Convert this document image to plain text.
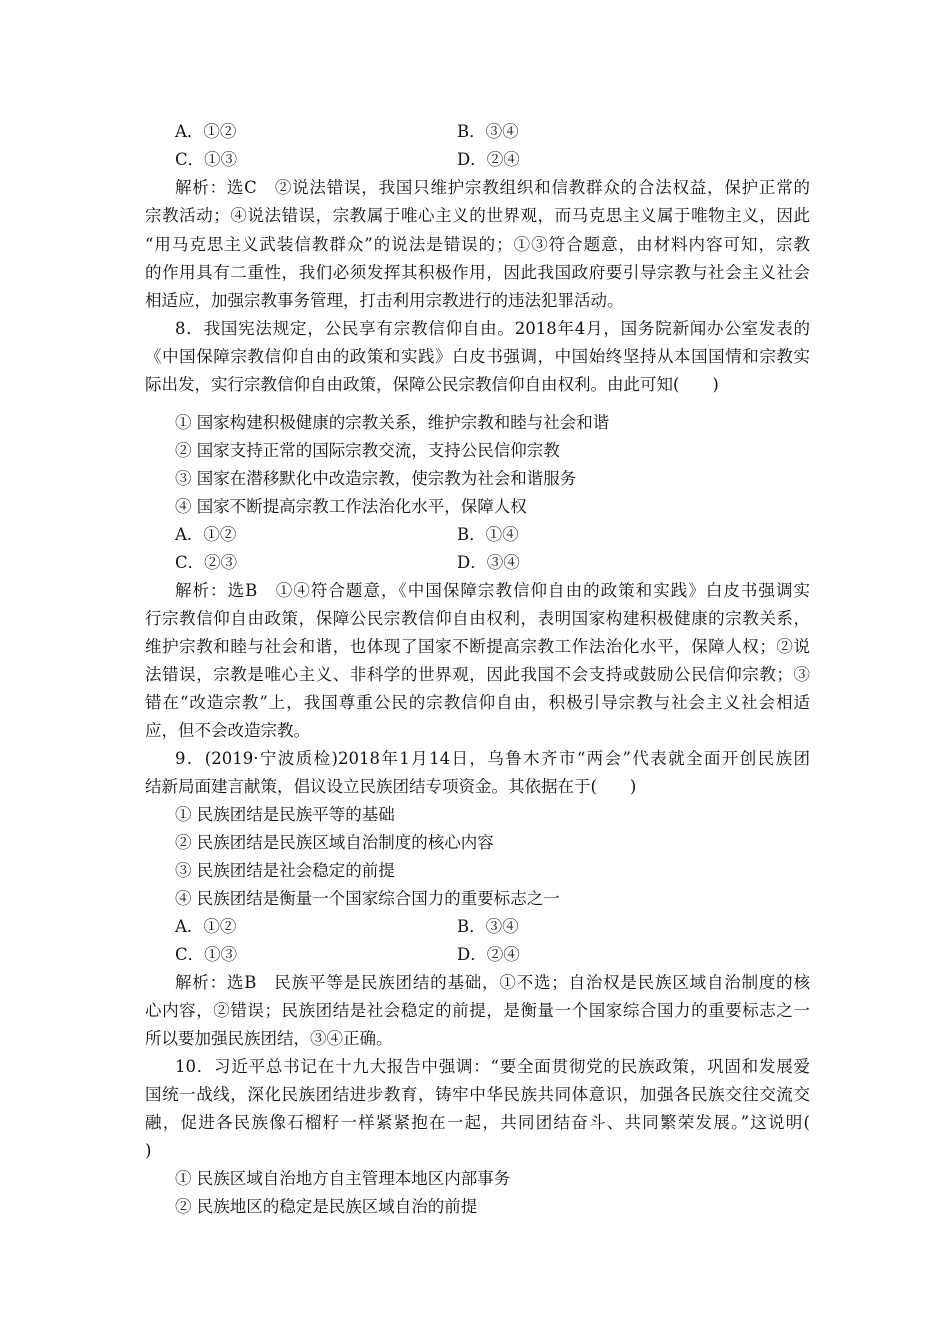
A．①②	B．③④
C．①③	D．②④
解析：选C　②说法错误，我国只维护宗教组织和信教群众的合法权益，保护正常的
宗教活动；④说法错误，宗教属于唯心主义的世界观，而马克思主义属于唯物主义，因此
“用马克思主义武装信教群众”的说法是错误的；①③符合题意，由材料内容可知，宗教
的作用具有二重性，我们必须发挥其积极作用，因此我国政府要引导宗教与社会主义社会
相适应，加强宗教事务管理，打击利用宗教进行的违法犯罪活动。
8．我国宪法规定，公民享有宗教信仰自由。2018年4月，国务院新闻办公室发表的
《中国保障宗教信仰自由的政策和实践》白皮书强调，中国始终坚持从本国国情和宗教实
际出发，实行宗教信仰自由政策，保障公民宗教信仰自由权利。由此可知(　　)
① 国家构建积极健康的宗教关系，维护宗教和睦与社会和谐
② 国家支持正常的国际宗教交流，支持公民信仰宗教
③ 国家在潜移默化中改造宗教，使宗教为社会和谐服务
④ 国家不断提高宗教工作法治化水平，保障人权
A．①②	B．①④
C．②③	D．③④
解析：选B　①④符合题意，《中国保障宗教信仰自由的政策和实践》白皮书强调实
行宗教信仰自由政策，保障公民宗教信仰自由权利，表明国家构建积极健康的宗教关系，
维护宗教和睦与社会和谐，也体现了国家不断提高宗教工作法治化水平，保障人权；②说
法错误，宗教是唯心主义、非科学的世界观，因此我国不会支持或鼓励公民信仰宗教；③
错在“改造宗教”上，我国尊重公民的宗教信仰自由，积极引导宗教与社会主义社会相适
应，但不会改造宗教。
9．(2019·宁波质检)2018年1月14日，乌鲁木齐市“两会”代表就全面开创民族团
结新局面建言献策，倡议设立民族团结专项资金。其依据在于(　　)
① 民族团结是民族平等的基础
② 民族团结是民族区域自治制度的核心内容
③ 民族团结是社会稳定的前提
④ 民族团结是衡量一个国家综合国力的重要标志之一
A．①②	B．③④
C．①③	D．②④
解析：选B　民族平等是民族团结的基础，①不选；自治权是民族区域自治制度的核
心内容，②错误；民族团结是社会稳定的前提，是衡量一个国家综合国力的重要标志之一
所以要加强民族团结，③④正确。
10．习近平总书记在十九大报告中强调：“要全面贯彻党的民族政策，巩固和发展爱
国统一战线，深化民族团结进步教育，铸牢中华民族共同体意识，加强各民族交往交流交
融，促进各民族像石榴籽一样紧紧抱在一起，共同团结奋斗、共同繁荣发展。”这说明(
)
① 民族区域自治地方自主管理本地区内部事务
② 民族地区的稳定是民族区域自治的前提
